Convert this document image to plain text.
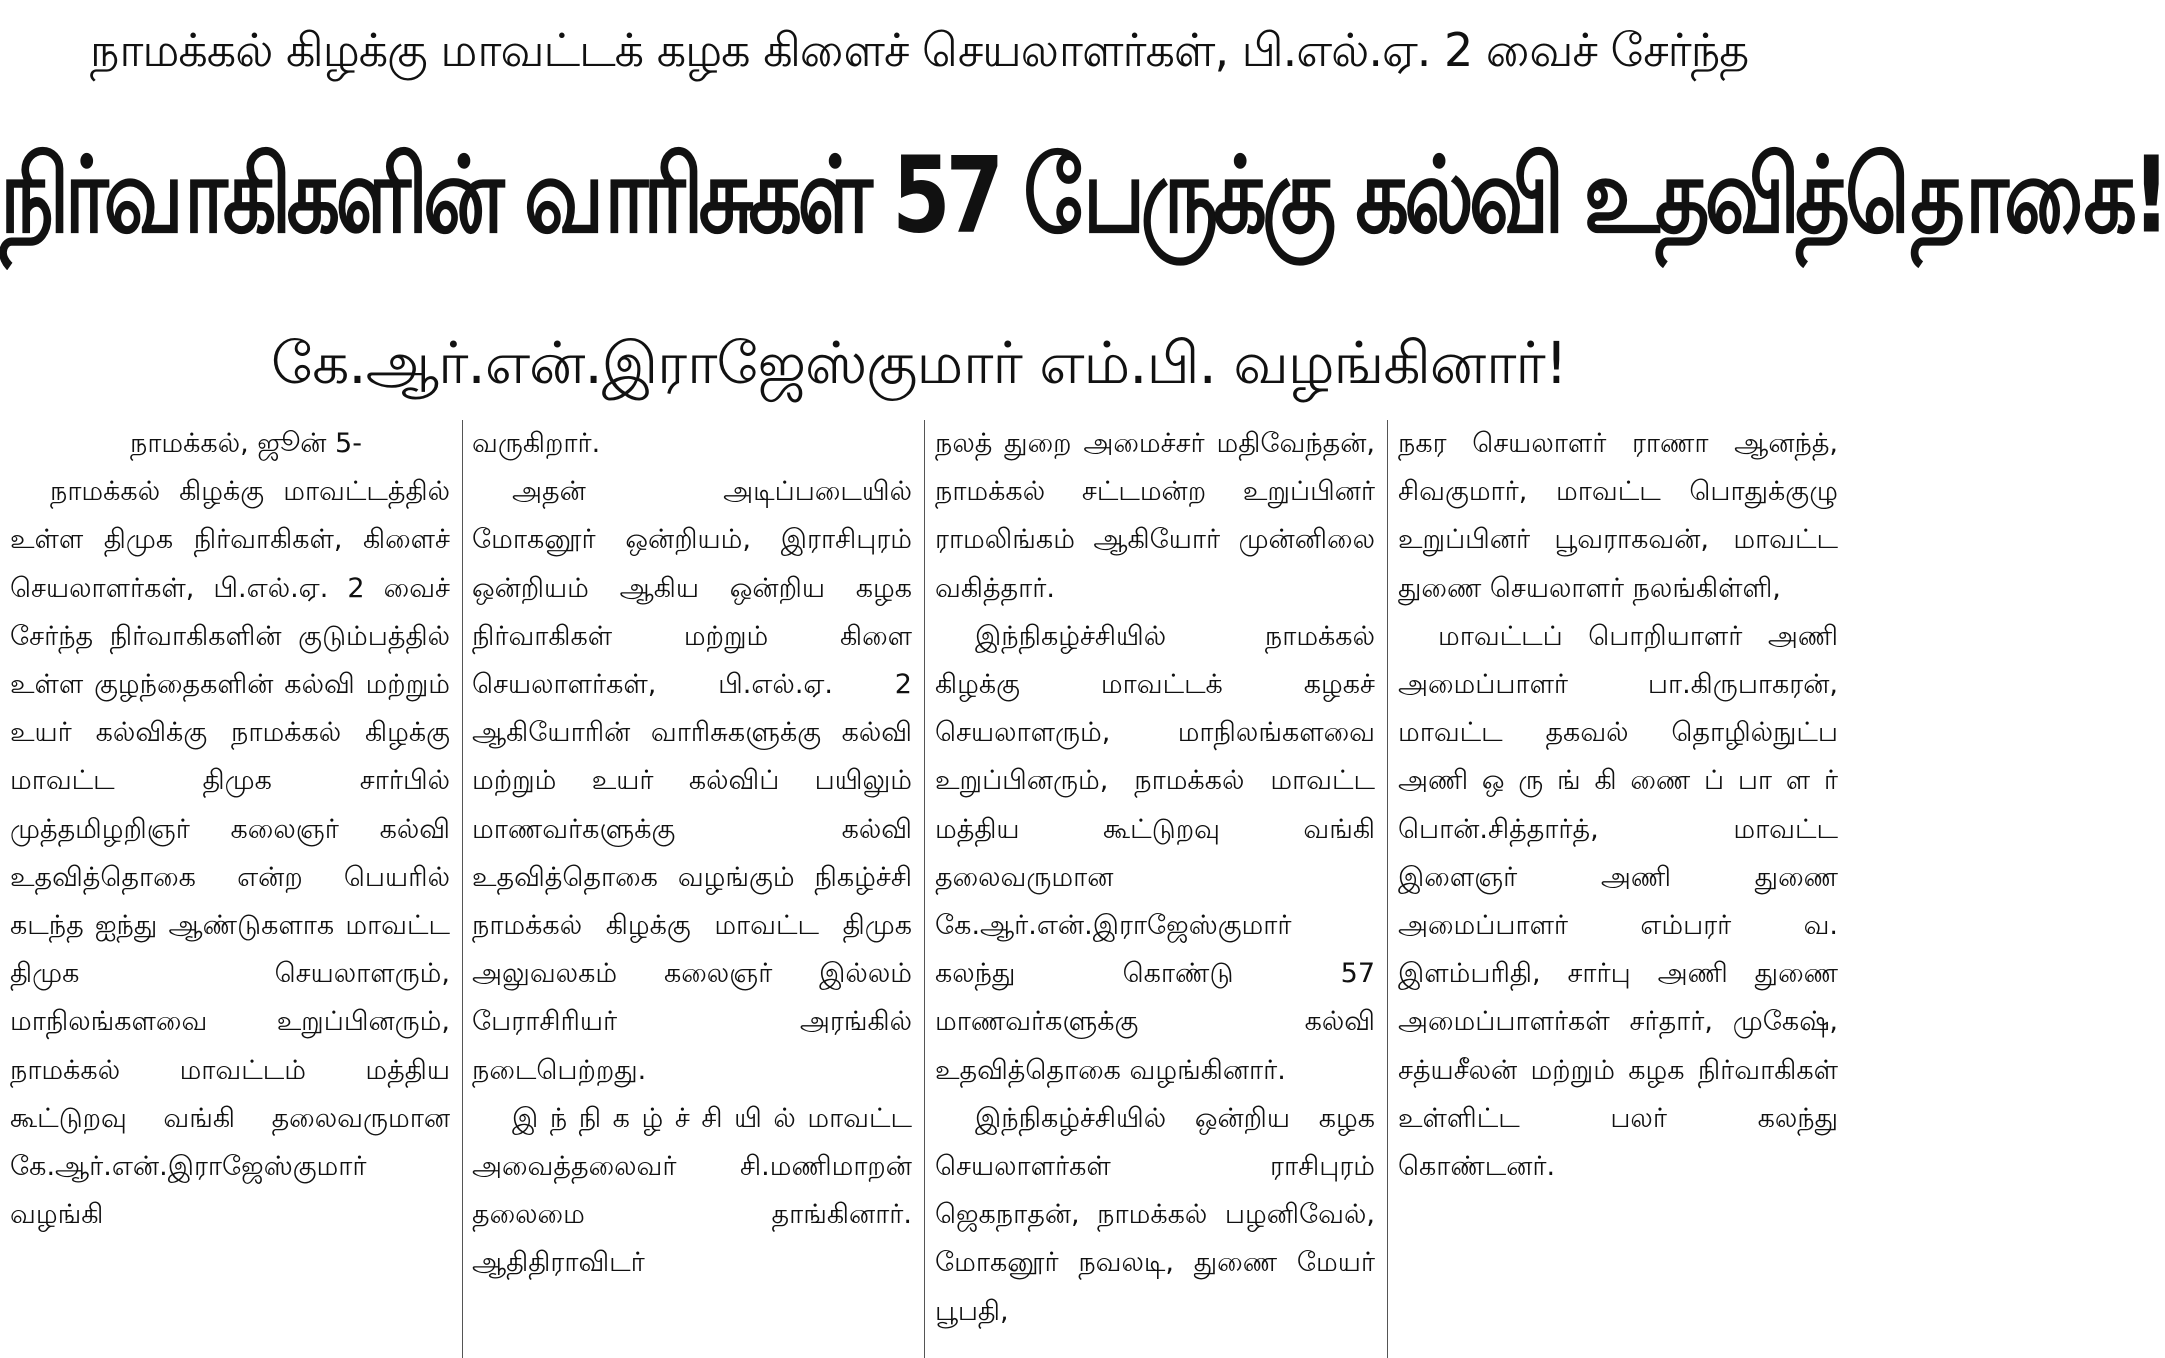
நாமக்கல் கிழக்கு மாவட்டக் கழக கிளைச் செயலாளர்கள், பி.எல்.ஏ. 2 வைச் சேர்ந்த
நிர்வாகிகளின் வாரிசுகள் 57 பேருக்கு கல்வி உதவித்தொகை!
கே.ஆர்.என்.இராஜேஸ்குமார் எம்.பி. வழங்கினார்!

நாமக்கல், ஜூன் 5-

நாமக்கல் கிழக்கு மாவட்டத்தில் உள்ள திமுக நிர்வாகிகள், கிளைச் செயலாளர்கள், பி.எல்.ஏ. 2 வைச் சேர்ந்த நிர்வாகிகளின் குடும்பத்தில் உள்ள குழந்தைகளின் கல்வி மற்றும் உயர் கல்விக்கு நாமக்கல் கிழக்கு மாவட்ட திமுக சார்பில் முத்தமிழறிஞர் கலைஞர் கல்வி உதவித்தொகை என்ற பெயரில் கடந்த ஐந்து ஆண்டுகளாக மாவட்ட திமுக செயலாளரும், மாநிலங்களவை உறுப்பினரும், நாமக்கல் மாவட்டம் மத்திய கூட்டுறவு வங்கி தலைவருமான கே.ஆர்.என்.இராஜேஸ்குமார் வழங்கி

வருகிறார்.

அதன் அடிப்படையில் மோகனூர் ஒன்றியம், இராசிபுரம் ஒன்றியம் ஆகிய ஒன்றிய கழக நிர்வாகிகள் மற்றும் கிளை செயலாளர்கள், பி.எல்.ஏ. 2 ஆகியோரின் வாரிசுகளுக்கு கல்வி மற்றும் உயர் கல்விப் பயிலும் மாணவர்களுக்கு கல்வி உதவித்தொகை வழங்கும் நிகழ்ச்சி நாமக்கல் கிழக்கு மாவட்ட திமுக அலுவலகம் கலைஞர் இல்லம் பேராசிரியர் அரங்கில் நடைபெற்றது.

இ ந் நி க ழ் ச் சி யி ல் மாவட்ட அவைத்தலைவர் சி.மணிமாறன் தலைமை தாங்கினார். ஆதிதிராவிடர்

நலத் துறை அமைச்சர் மதிவேந்தன், நாமக்கல் சட்டமன்ற உறுப்பினர் ராமலிங்கம் ஆகியோர் முன்னிலை வகித்தார்.

இந்நிகழ்ச்சியில் நாமக்கல் கிழக்கு மாவட்டக் கழகச் செயலாளரும், மாநிலங்களவை உறுப்பினரும், நாமக்கல் மாவட்ட மத்திய கூட்டுறவு வங்கி தலைவருமான கே.ஆர்.என்.இராஜேஸ்குமார் கலந்து கொண்டு 57 மாணவர்களுக்கு கல்வி உதவித்தொகை வழங்கினார்.

இந்நிகழ்ச்சியில் ஒன்றிய கழக செயலாளர்கள் ராசிபுரம் ஜெகநாதன், நாமக்கல் பழனிவேல், மோகனூர் நவலடி, துணை மேயர் பூபதி,

நகர செயலாளர் ராணா ஆனந்த், சிவகுமார், மாவட்ட பொதுக்குழு உறுப்பினர் பூவராகவன், மாவட்ட துணை செயலாளர் நலங்கிள்ளி,

மாவட்டப் பொறியாளர் அணி அமைப்பாளர் பா.கிருபாகரன், மாவட்ட தகவல் தொழில்நுட்ப அணி ஒ ரு ங் கி ணை ப் பா ள ர் பொன்.சித்தார்த், மாவட்ட இளைஞர் அணி துணை அமைப்பாளர் எம்பரர் வ. இளம்பரிதி, சார்பு அணி துணை அமைப்பாளர்கள் சர்தார், முகேஷ், சத்யசீலன் மற்றும் கழக நிர்வாகிகள் உள்ளிட்ட பலர் கலந்து கொண்டனர்.
